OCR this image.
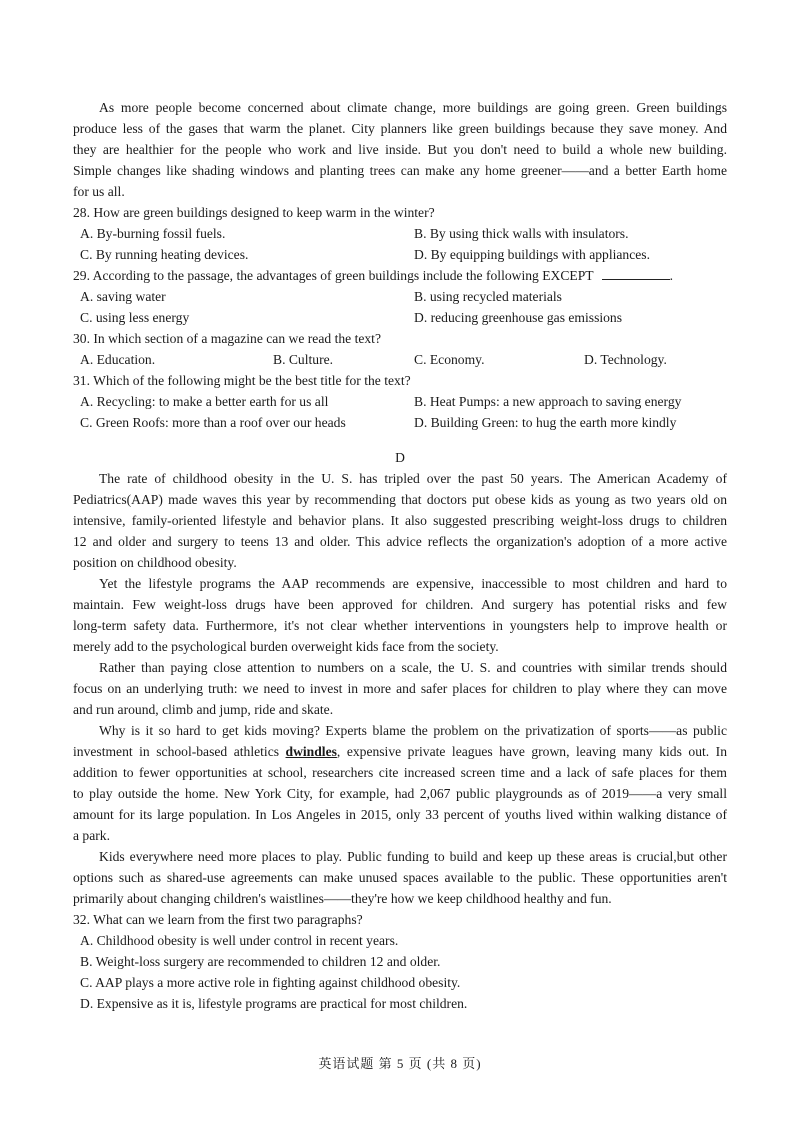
As more people become concerned about climate change, more buildings are going green. Green buildings
produce less of the gases that warm the planet. City planners like green buildings because they save money. And
they are healthier for the people who work and live inside. But you don't need to build a whole new building.
Simple changes like shading windows and planting trees can make any home greener——and a better Earth home
for us all.
28. How are green buildings designed to keep warm in the winter?
A. By-burning fossil fuels.	B. By using thick walls with insulators.
C. By running heating devices.	D. By equipping buildings with appliances.
29. According to the passage, the advantages of green buildings include the following EXCEPT	.
A. saving water	B. using recycled materials
C. using less energy	D. reducing greenhouse gas emissions
30. In which section of a magazine can we read the text?
A. Education.	B. Culture.	C. Economy.	D. Technology.
31. Which of the following might be the best title for the text?
A. Recycling: to make a better earth for us all	B. Heat Pumps: a new approach to saving energy
C. Green Roofs: more than a roof over our heads	D. Building Green: to hug the earth more kindly
D
The rate of childhood obesity in the U. S. has tripled over the past 50 years. The American Academy of
Pediatrics(AAP) made waves this year by recommending that doctors put obese kids as young as two years old on
intensive, family-oriented lifestyle and behavior plans. It also suggested prescribing weight-loss drugs to children
12 and older and surgery to teens 13 and older. This advice reflects the organization's adoption of a more active
position on childhood obesity.
Yet the lifestyle programs the AAP recommends are expensive, inaccessible to most children and hard to
maintain. Few weight-loss drugs have been approved for children. And surgery has potential risks and few
long-term safety data. Furthermore, it's not clear whether interventions in youngsters help to improve health or
merely add to the psychological burden overweight kids face from the society.
Rather than paying close attention to numbers on a scale, the U. S. and countries with similar trends should
focus on an underlying truth: we need to invest in more and safer places for children to play where they can move
and run around, climb and jump, ride and skate.
Why is it so hard to get kids moving? Experts blame the problem on the privatization of sports——as public
investment in school-based athletics dwindles, expensive private leagues have grown, leaving many kids out. In
addition to fewer opportunities at school, researchers cite increased screen time and a lack of safe places for them
to play outside the home. New York City, for example, had 2,067 public playgrounds as of 2019——a very small
amount for its large population. In Los Angeles in 2015, only 33 percent of youths lived within walking distance of
a park.
Kids everywhere need more places to play. Public funding to build and keep up these areas is crucial,but other
options such as shared-use agreements can make unused spaces available to the public. These opportunities aren't
primarily about changing children's waistlines——they're how we keep childhood healthy and fun.
32. What can we learn from the first two paragraphs?
A. Childhood obesity is well under control in recent years.
B. Weight-loss surgery are recommended to children 12 and older.
C. AAP plays a more active role in fighting against childhood obesity.
D. Expensive as it is, lifestyle programs are practical for most children.
英语试题 第 5 页 (共 8 页)
